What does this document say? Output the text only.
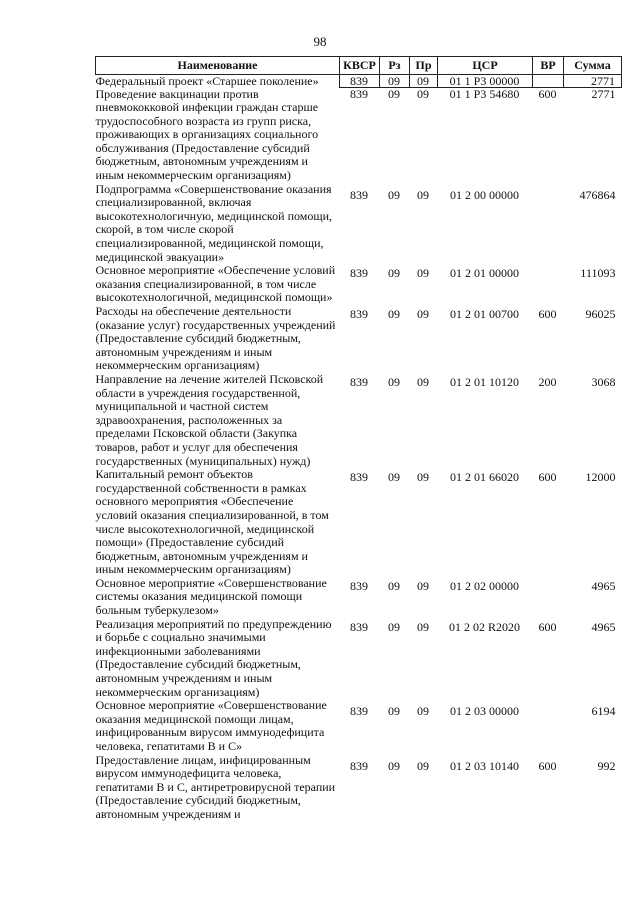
98
Наименование	КВСР	Рз	Пр	ЦСР	ВР	Сумма
Федеральный проект «Старшее поколение»	839	09	09	01 1 P3 00000		2771
Проведение вакцинации против пневмококковой инфекции граждан старше трудоспособного возраста из групп риска, проживающих в организациях социального обслуживания (Предоставление субсидий бюджетным, автономным учреждениям и иным некоммерческим организациям)	839	09	09	01 1 P3 54680	600	2771
Подпрограмма «Совершенствование оказания специализированной, включая высокотехнологичную, медицинской помощи, скорой, в том числе скорой специализированной, медицинской помощи, медицинской эвакуации»	839	09	09	01 2 00 00000		476864
Основное мероприятие «Обеспечение условий оказания специализированной, в том числе высокотехнологичной, медицинской помощи»	839	09	09	01 2 01 00000		111093
Расходы на обеспечение деятельности (оказание услуг) государственных учреждений (Предоставление субсидий бюджетным, автономным учреждениям и иным некоммерческим организациям)	839	09	09	01 2 01 00700	600	96025
Направление на лечение жителей Псковской области в учреждения государственной, муниципальной и частной систем здравоохранения, расположенных за пределами Псковской области (Закупка товаров, работ и услуг для обеспечения государственных (муниципальных) нужд)	839	09	09	01 2 01 10120	200	3068
Капитальный ремонт объектов государственной собственности в рамках основного мероприятия «Обеспечение условий оказания специализированной, в том числе высокотехнологичной, медицинской помощи» (Предоставление субсидий бюджетным, автономным учреждениям и иным некоммерческим организациям)	839	09	09	01 2 01 66020	600	12000
Основное мероприятие «Совершенствование системы оказания медицинской помощи больным туберкулезом»	839	09	09	01 2 02 00000		4965
Реализация мероприятий по предупреждению и борьбе с социально значимыми инфекционными заболеваниями (Предоставление субсидий бюджетным, автономным учреждениям и иным некоммерческим организациям)	839	09	09	01 2 02 R2020	600	4965
Основное мероприятие «Совершенствование оказания медицинской помощи лицам, инфицированным вирусом иммунодефицита человека, гепатитами В и С»	839	09	09	01 2 03 00000		6194
Предоставление лицам, инфицированным вирусом иммунодефицита человека, гепатитами В и С, антиретровирусной терапии (Предоставление субсидий бюджетным, автономным учреждениям и	839	09	09	01 2 03 10140	600	992
